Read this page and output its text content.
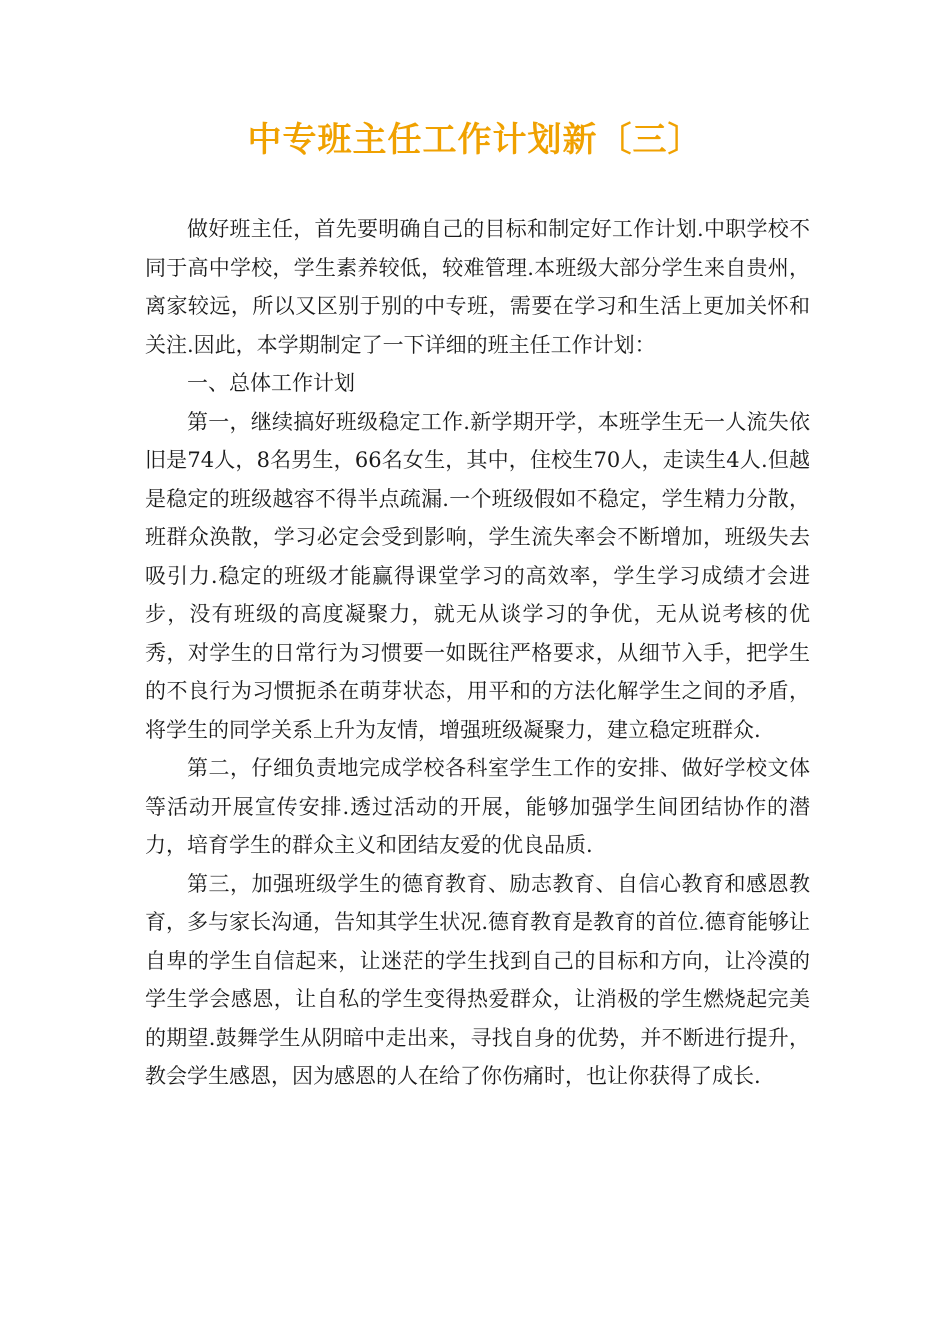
中专班主任工作计划新〔三〕

做好班主任，首先要明确自己的目标和制定好工作计划.中职学校不同于高中学校，学生素养较低，较难管理.本班级大部分学生来自贵州，离家较远，所以又区别于别的中专班，需要在学习和生活上更加关怀和关注.因此，本学期制定了一下详细的班主任工作计划：

一、总体工作计划

第一，继续搞好班级稳定工作.新学期开学，本班学生无一人流失依旧是74人，8名男生，66名女生，其中，住校生70人，走读生4人.但越是稳定的班级越容不得半点疏漏.一个班级假如不稳定，学生精力分散，班群众涣散，学习必定会受到影响，学生流失率会不断增加，班级失去吸引力.稳定的班级才能赢得课堂学习的高效率，学生学习成绩才会进步，没有班级的高度凝聚力，就无从谈学习的争优，无从说考核的优秀，对学生的日常行为习惯要一如既往严格要求，从细节入手，把学生的不良行为习惯扼杀在萌芽状态，用平和的方法化解学生之间的矛盾，将学生的同学关系上升为友情，增强班级凝聚力，建立稳定班群众.

第二，仔细负责地完成学校各科室学生工作的安排、做好学校文体等活动开展宣传安排.透过活动的开展，能够加强学生间团结协作的潜力，培育学生的群众主义和团结友爱的优良品质.

第三，加强班级学生的德育教育、励志教育、自信心教育和感恩教育，多与家长沟通，告知其学生状况.德育教育是教育的首位.德育能够让自卑的学生自信起来，让迷茫的学生找到自己的目标和方向，让冷漠的学生学会感恩，让自私的学生变得热爱群众，让消极的学生燃烧起完美的期望.鼓舞学生从阴暗中走出来，寻找自身的优势，并不断进行提升，教会学生感恩，因为感恩的人在给了你伤痛时，也让你获得了成长.
